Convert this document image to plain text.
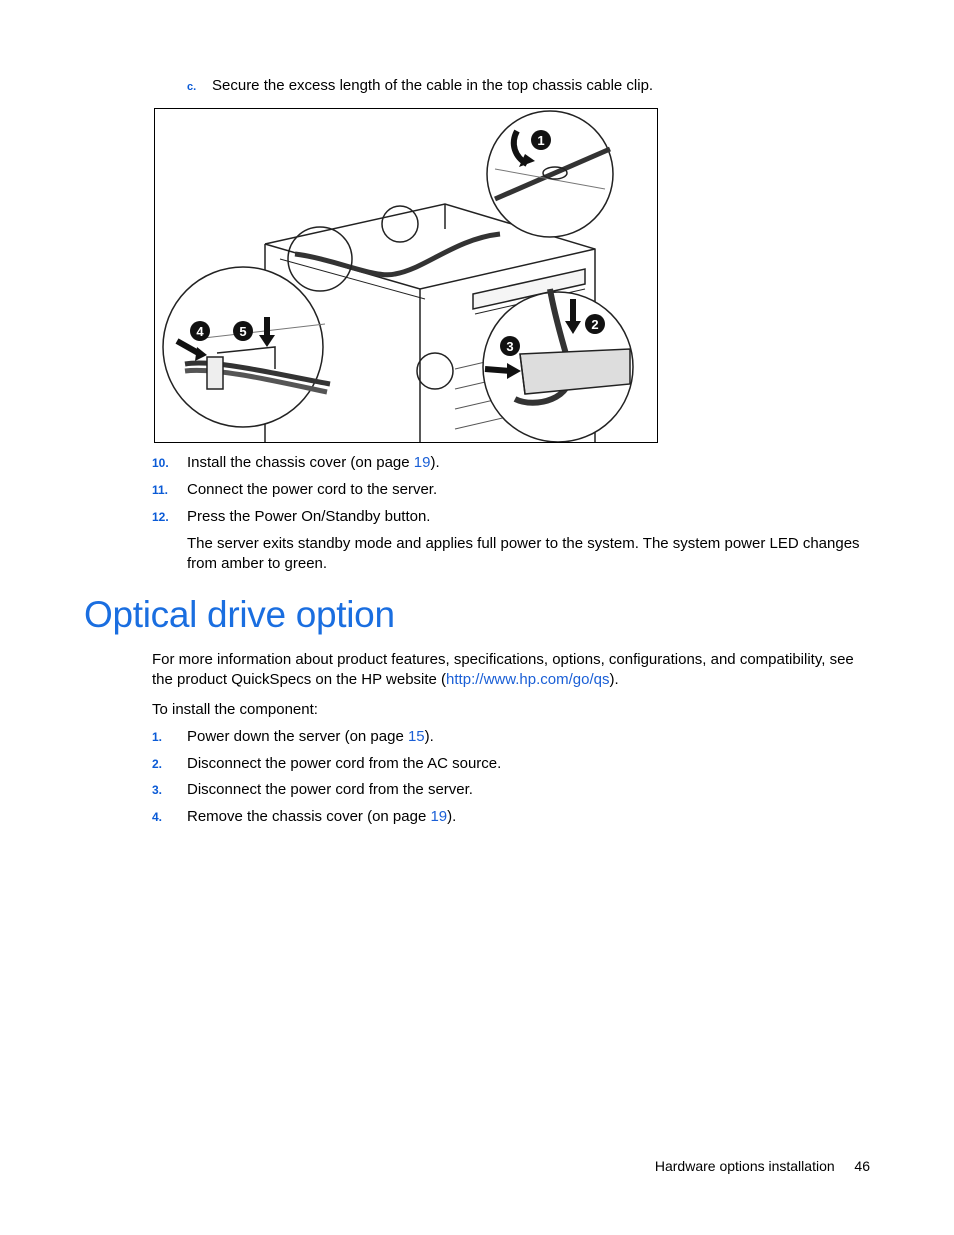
c. Secure the excess length of the cable in the top chassis cable clip.
1
2
3
4	5
10. Install the chassis cover (on page 19).
11. Connect the power cord to the server.
12. Press the Power On/Standby button.
The server exits standby mode and applies full power to the system. The system power LED changes from amber to green.
Optical drive option
For more information about product features, specifications, options, configurations, and compatibility, see the product QuickSpecs on the HP website (http://www.hp.com/go/qs).
To install the component:
1. Power down the server (on page 15).
2. Disconnect the power cord from the AC source.
3. Disconnect the power cord from the server.
4. Remove the chassis cover (on page 19).
Hardware options installation 46
